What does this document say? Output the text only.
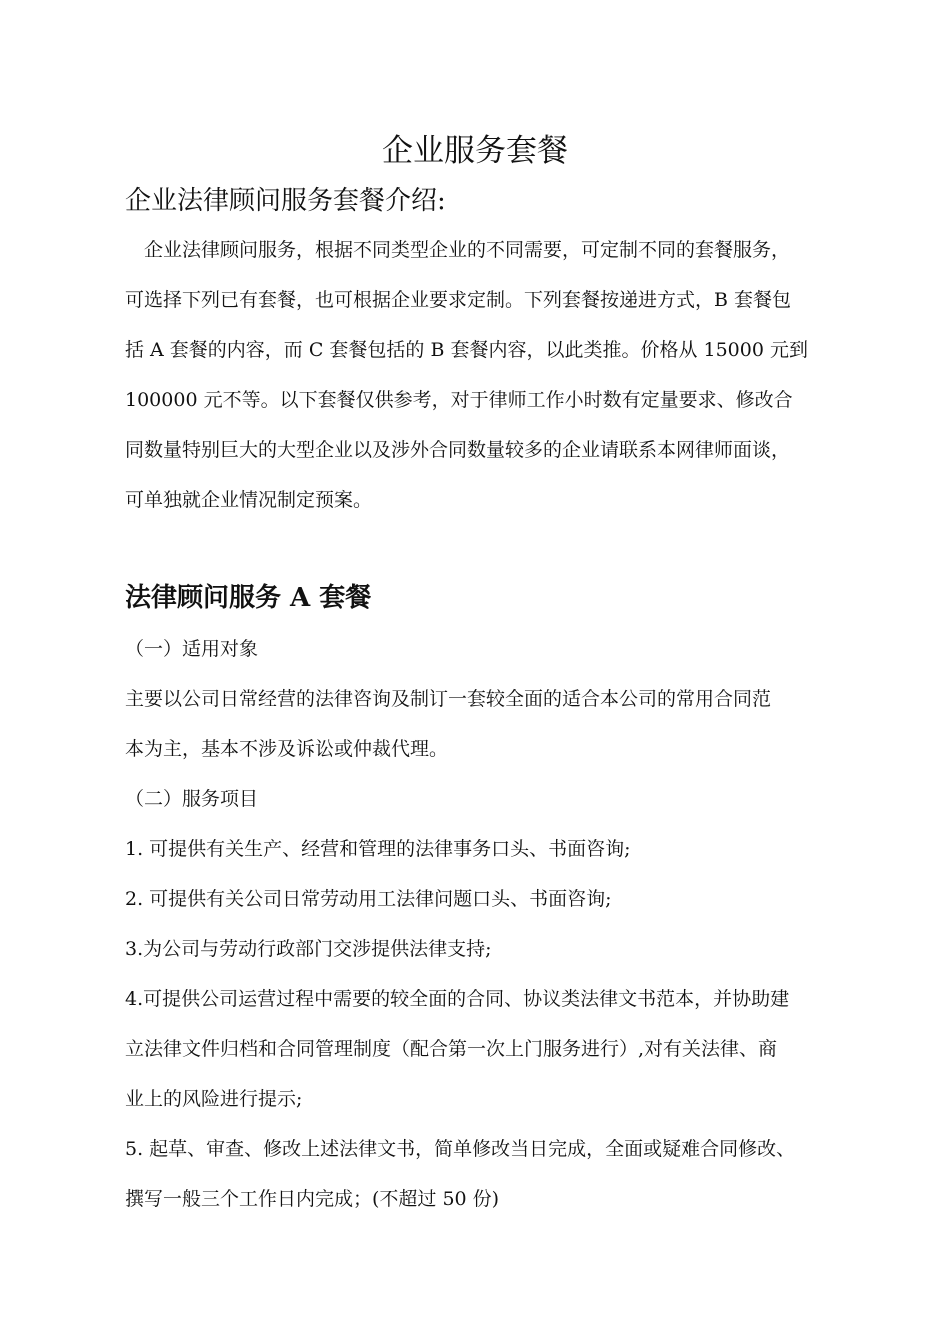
企业服务套餐
企业法律顾问服务套餐介绍:
企业法律顾问服务，根据不同类型企业的不同需要，可定制不同的套餐服务，
可选择下列已有套餐，也可根据企业要求定制。下列套餐按递进方式，B 套餐包
括 A 套餐的内容，而 C 套餐包括的 B 套餐内容，以此类推。价格从 15000 元到
100000 元不等。以下套餐仅供参考，对于律师工作小时数有定量要求、修改合
同数量特别巨大的大型企业以及涉外合同数量较多的企业请联系本网律师面谈，
可单独就企业情况制定预案。
法律顾问服务 A 套餐
（一）适用对象
主要以公司日常经营的法律咨询及制订一套较全面的适合本公司的常用合同范
本为主，基本不涉及诉讼或仲裁代理。
（二）服务项目
1. 可提供有关生产、经营和管理的法律事务口头、书面咨询;
2. 可提供有关公司日常劳动用工法律问题口头、书面咨询;
3.为公司与劳动行政部门交涉提供法律支持;
4.可提供公司运营过程中需要的较全面的合同、协议类法律文书范本，并协助建
立法律文件归档和合同管理制度（配合第一次上门服务进行）,对有关法律、商
业上的风险进行提示;
5. 起草、审查、修改上述法律文书，简单修改当日完成，全面或疑难合同修改、
撰写一般三个工作日内完成；(不超过 50 份)
